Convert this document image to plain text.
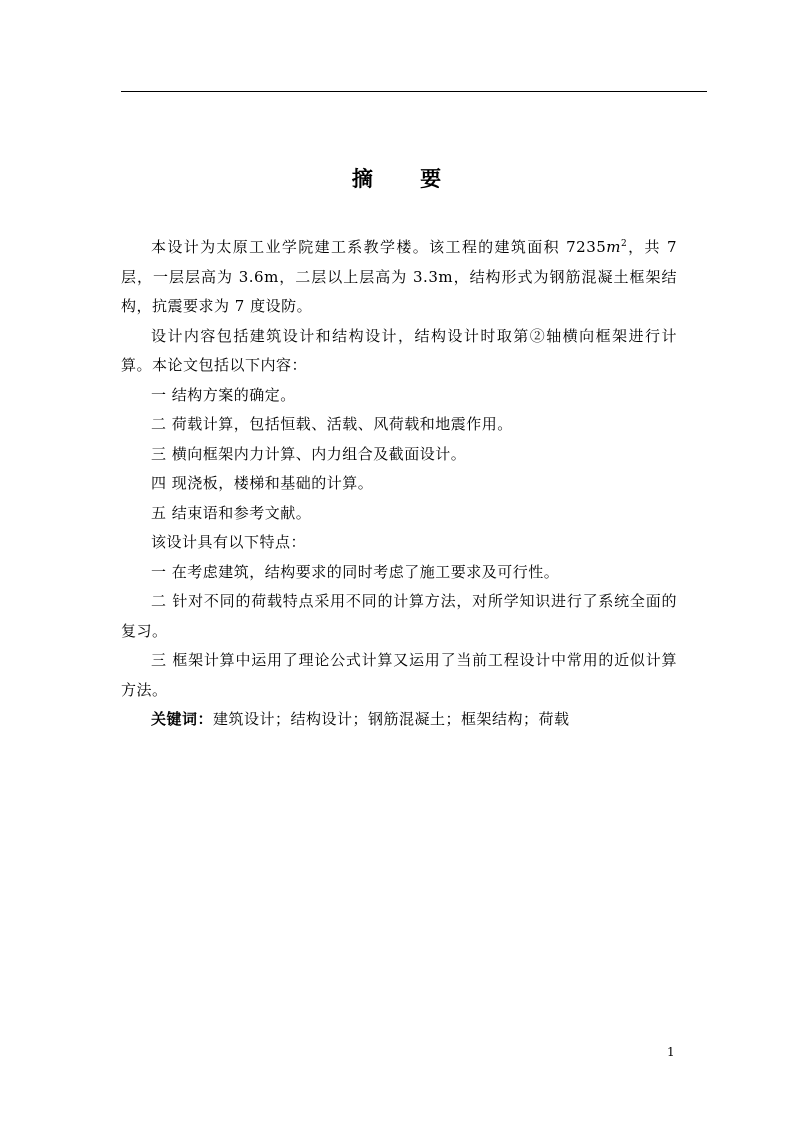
摘 要

本设计为太原工业学院建工系教学楼。该工程的建筑面积 $7235m^2$，共 7 层，一层层高为 3.6m，二层以上层高为 3.3m，结构形式为钢筋混凝土框架结构，抗震要求为 7 度设防。

设计内容包括建筑设计和结构设计，结构设计时取第②轴横向框架进行计算。本论文包括以下内容：

一 结构方案的确定。

二 荷载计算，包括恒载、活载、风荷载和地震作用。

三 横向框架内力计算、内力组合及截面设计。

四 现浇板，楼梯和基础的计算。

五 结束语和参考文献。

该设计具有以下特点：

一 在考虑建筑，结构要求的同时考虑了施工要求及可行性。

二 针对不同的荷载特点采用不同的计算方法，对所学知识进行了系统全面的复习。

三 框架计算中运用了理论公式计算又运用了当前工程设计中常用的近似计算方法。

关键词：建筑设计；结构设计；钢筋混凝土；框架结构；荷载

1
